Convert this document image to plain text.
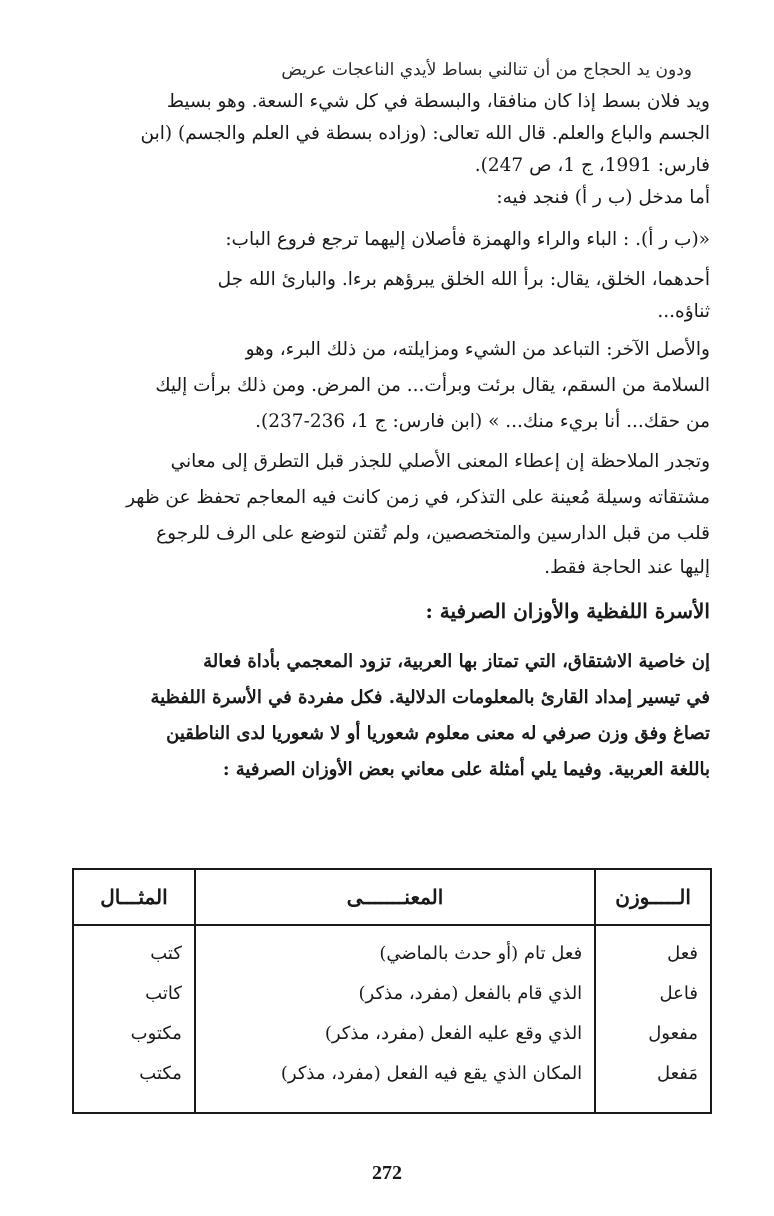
ودون يد الحجاج من أن تنالني بساط لأيدي الناعجات عريض
ويد فلان بسط إذا كان منافقا، والبسطة في كل شيء السعة. وهو بسيط
الجسم والباع والعلم. قال الله تعالى: (وزاده بسطة في العلم والجسم) (ابن
فارس: 1991، ج 1، ص 247).
أما مدخل (ب ر أ) فنجد فيه:
«(ب ر أ). : الباء والراء والهمزة فأصلان إليهما ترجع فروع الباب:
أحدهما، الخلق، يقال: برأ الله الخلق يبرؤهم برءا. والبارئ الله جل
ثناؤه...
والأصل الآخر: التباعد من الشيء ومزايلته، من ذلك البرء، وهو
السلامة من السقم، يقال برئت وبرأت... من المرض. ومن ذلك برأت إليك
من حقك... أنا بريء منك... » (ابن فارس: ج 1، 236-237).
وتجدر الملاحظة إن إعطاء المعنى الأصلي للجذر قبل التطرق إلى معاني
مشتقاته وسيلة مُعينة على التذكر، في زمن كانت فيه المعاجم تحفظ عن ظهر
قلب من قبل الدارسين والمتخصصين، ولم تُقتن لتوضع على الرف للرجوع
إليها عند الحاجة فقط.
الأسرة اللفظية والأوزان الصرفية :
إن خاصية الاشتقاق، التي تمتاز بها العربية، تزود المعجمي بأداة فعالة
في تيسير إمداد القارئ بالمعلومات الدلالية. فكل مفردة في الأسرة اللفظية
تصاغ وفق وزن صرفي له معنى معلوم شعوريا أو لا شعوريا لدى الناطقين
باللغة العربية. وفيما يلي أمثلة على معاني بعض الأوزان الصرفية :
الـــــوزن	المعنـــــــى	المثـــال
فعل	فعل تام (أو حدث بالماضي)	كتب
فاعل	الذي قام بالفعل (مفرد، مذكر)	كاتب
مفعول	الذي وقع عليه الفعل (مفرد، مذكر)	مكتوب
مَفعل	المكان الذي يقع فيه الفعل (مفرد، مذكر)	مكتب
272
